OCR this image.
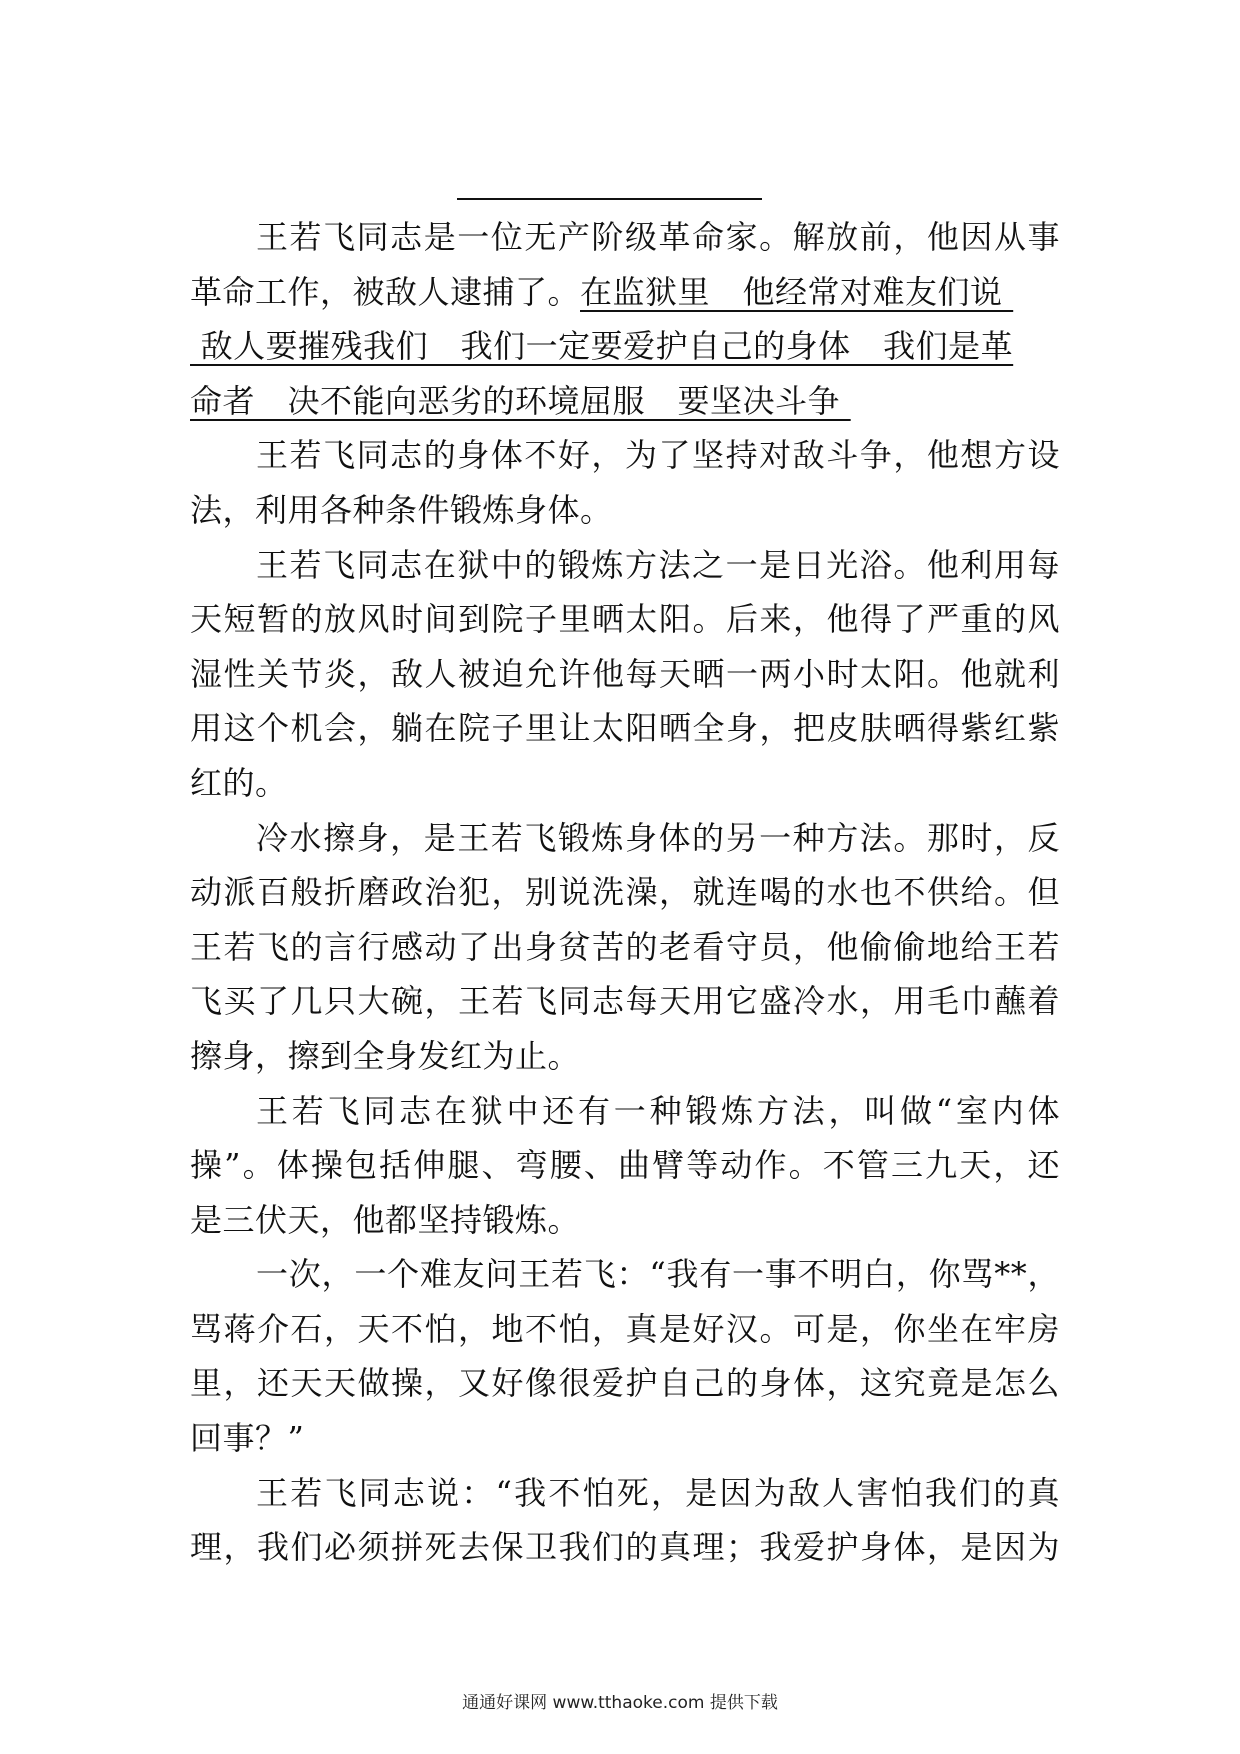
王若飞同志是一位无产阶级革命家。解放前，他因从事
革命工作，被敌人逮捕了。在监狱里　他经常对难友们说
敌人要摧残我们　我们一定要爱护自己的身体　我们是革
命者　决不能向恶劣的环境屈服　要坚决斗争
王若飞同志的身体不好，为了坚持对敌斗争，他想方设
法，利用各种条件锻炼身体。
王若飞同志在狱中的锻炼方法之一是日光浴。他利用每
天短暂的放风时间到院子里晒太阳。后来，他得了严重的风
湿性关节炎，敌人被迫允许他每天晒一两小时太阳。他就利
用这个机会，躺在院子里让太阳晒全身，把皮肤晒得紫红紫
红的。
冷水擦身，是王若飞锻炼身体的另一种方法。那时，反
动派百般折磨政治犯，别说洗澡，就连喝的水也不供给。但
王若飞的言行感动了出身贫苦的老看守员，他偷偷地给王若
飞买了几只大碗，王若飞同志每天用它盛冷水，用毛巾蘸着
擦身，擦到全身发红为止。
王若飞同志在狱中还有一种锻炼方法，叫做“室内体
操”。体操包括伸腿、弯腰、曲臂等动作。不管三九天，还
是三伏天，他都坚持锻炼。
一次，一个难友问王若飞：“我有一事不明白，你骂**，
骂蒋介石，天不怕，地不怕，真是好汉。可是，你坐在牢房
里，还天天做操，又好像很爱护自己的身体，这究竟是怎么
回事？”
王若飞同志说：“我不怕死，是因为敌人害怕我们的真
理，我们必须拼死去保卫我们的真理；我爱护身体，是因为
通通好课网 www.tthaoke.com 提供下载
